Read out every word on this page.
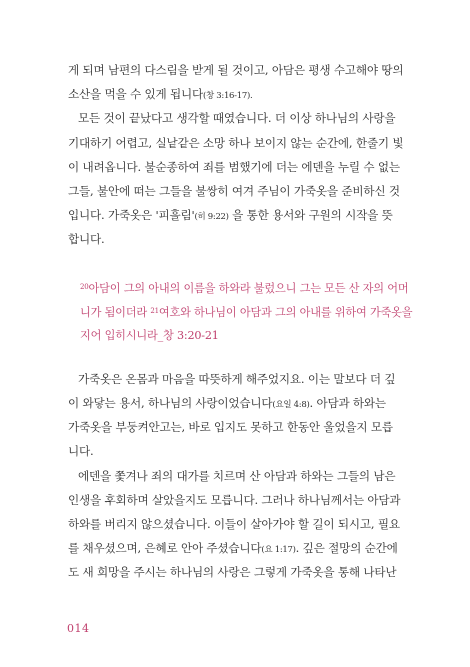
게 되며 남편의 다스림을 받게 될 것이고, 아담은 평생 수고해야 땅의
소산을 먹을 수 있게 됩니다(창 3:16-17).
모든 것이 끝났다고 생각할 때였습니다. 더 이상 하나님의 사랑을
기대하기 어렵고, 실낱같은 소망 하나 보이지 않는 순간에, 한줄기 빛
이 내려옵니다. 불순종하여 죄를 범했기에 더는 에덴을 누릴 수 없는
그들, 불안에 떠는 그들을 불쌍히 여겨 주님이 가죽옷을 준비하신 것
입니다. 가죽옷은 '피흘림'(히 9:22) 을 통한 용서와 구원의 시작을 뜻
합니다.
$^{20}$아담이 그의 아내의 이름을 하와라 불렀으니 그는 모든 산 자의 어머
니가 됨이더라 $^{21}$여호와 하나님이 아담과 그의 아내를 위하여 가죽옷을
지어 입히시니라_창 3:20-21
가죽옷은 온몸과 마음을 따뜻하게 해주었지요. 이는 말보다 더 깊
이 와닿는 용서, 하나님의 사랑이었습니다(요일 4:8). 아담과 하와는
가죽옷을 부둥켜안고는, 바로 입지도 못하고 한동안 울었을지 모릅
니다.
에덴을 쫓겨나 죄의 대가를 치르며 산 아담과 하와는 그들의 남은
인생을 후회하며 살았을지도 모릅니다. 그러나 하나님께서는 아담과
하와를 버리지 않으셨습니다. 이들이 살아가야 할 길이 되시고, 필요
를 채우셨으며, 은혜로 안아 주셨습니다(요 1:17). 깊은 절망의 순간에
도 새 희망을 주시는 하나님의 사랑은 그렇게 가죽옷을 통해 나타난
014
